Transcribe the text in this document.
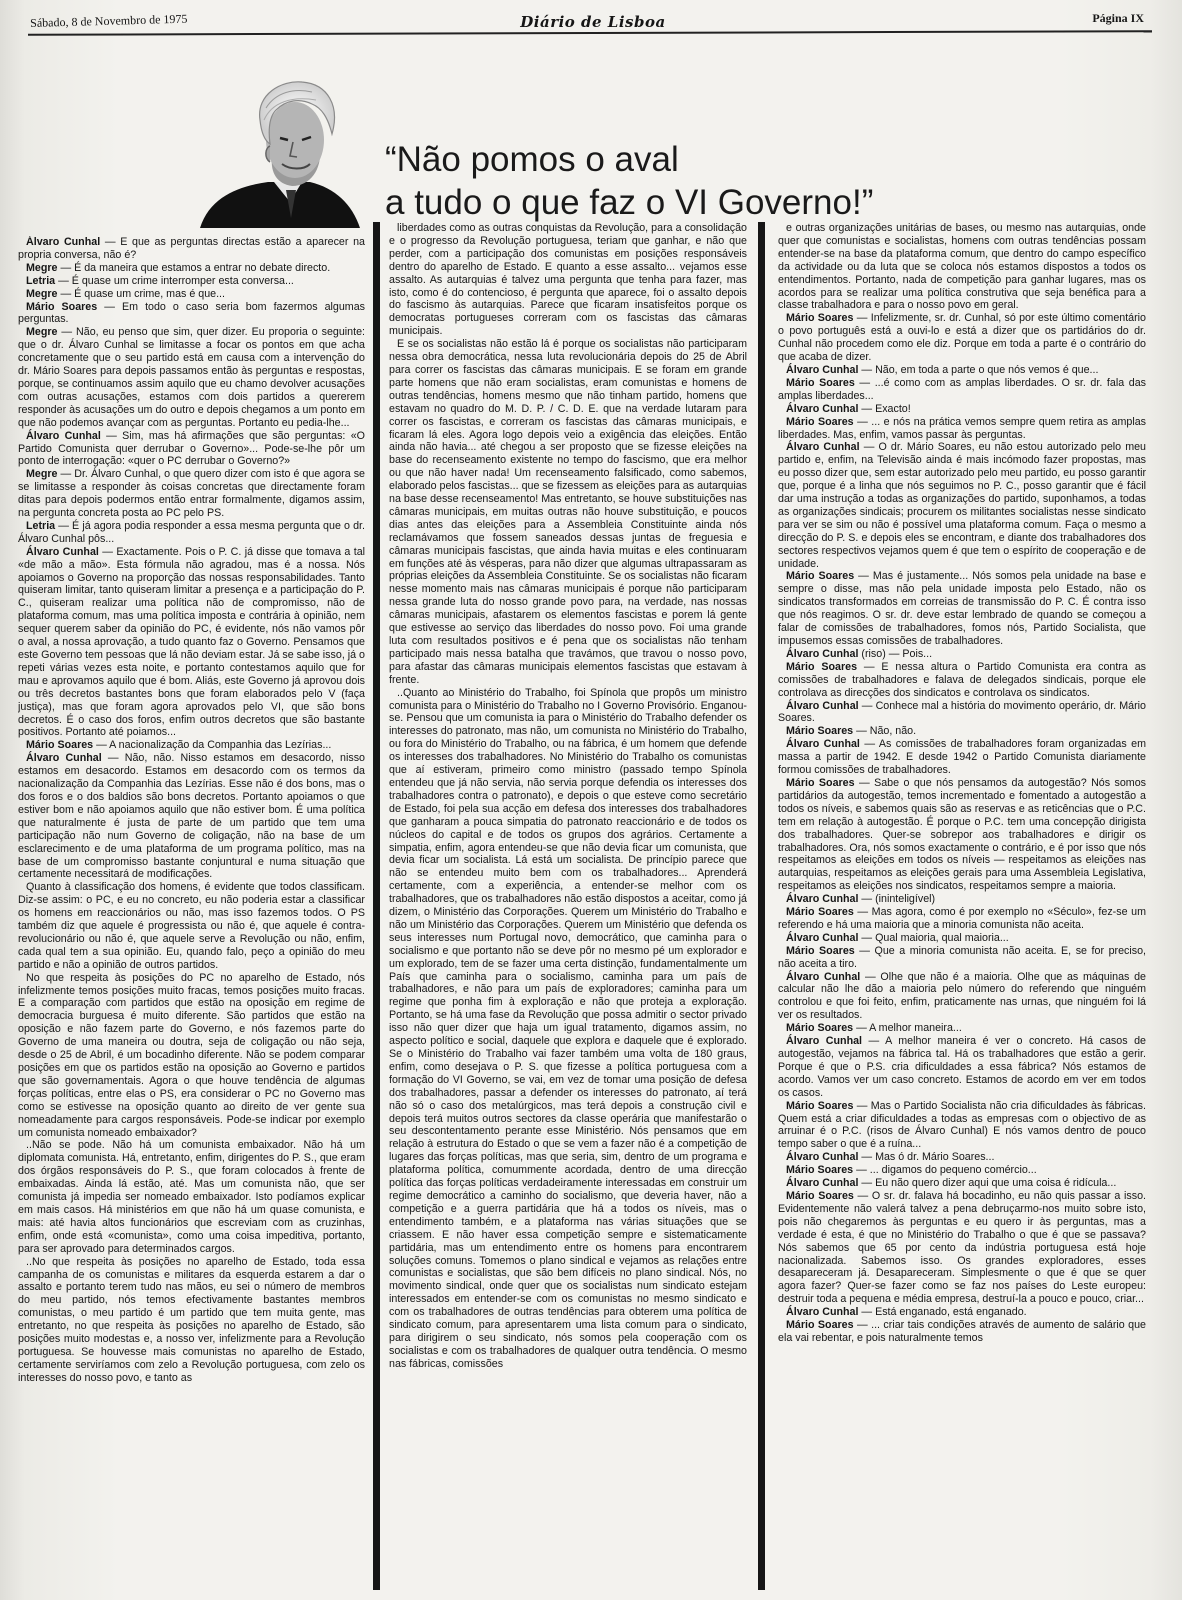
Sábado, 8 de Novembro de 1975	Diário de Lisboa	Página IX
“Não pomos o aval
a tudo o que faz o VI Governo!”

Álvaro Cunhal — E que as perguntas directas estão a aparecer na propria conversa, não é?

Megre — É da maneira que estamos a entrar no debate directo.

Letria — É quase um crime interromper esta conversa...

Megre — É quase um crime, mas é que...

Mário Soares — Em todo o caso seria bom fazermos algumas perguntas.

Megre — Não, eu penso que sim, quer dizer. Eu proporia o seguinte: que o dr. Álvaro Cunhal se limitasse a focar os pontos em que acha concretamente que o seu partido está em causa com a intervenção do dr. Mário Soares para depois passamos então às perguntas e respostas, porque, se continuamos assim aquilo que eu chamo devolver acusações com outras acusações, estamos com dois partidos a quererem responder às acusações um do outro e depois chegamos a um ponto em que não podemos avançar com as perguntas. Portanto eu pedia-lhe...

Álvaro Cunhal — Sim, mas há afirmações que são perguntas: «O Partido Comunista quer derrubar o Governo»... Pode-se-lhe pôr um ponto de interrogação: «quer o PC derrubar o Governo?»

Megre — Dr. Álvaro Cunhal, o que quero dizer com isto é que agora se se limitasse a responder às coisas concretas que directamente foram ditas para depois podermos então entrar formalmente, digamos assim, na pergunta concreta posta ao PC pelo PS.

Letria — É já agora podia responder a essa mesma pergunta que o dr. Álvaro Cunhal pôs...

Álvaro Cunhal — Exactamente. Pois o P. C. já disse que tomava a tal «de mão a mão». Esta fórmula não agradou, mas é a nossa. Nós apoiamos o Governo na proporção das nossas responsabilidades. Tanto quiseram limitar, tanto quiseram limitar a presença e a participação do P. C., quiseram realizar uma política não de compromisso, não de plataforma comum, mas uma política imposta e contrária à opinião, nem sequer querem saber da opinião do PC, é evidente, nós não vamos pôr o aval, a nossa aprovação, a tudo quanto faz o Governo. Pensamos que este Governo tem pessoas que lá não deviam estar. Já se sabe isso, já o repeti várias vezes esta noite, e portanto contestamos aquilo que for mau e aprovamos aquilo que é bom. Aliás, este Governo já aprovou dois ou três decretos bastantes bons que foram elaborados pelo V (faça justiça), mas que foram agora aprovados pelo VI, que são bons decretos. É o caso dos foros, enfim outros decretos que são bastante positivos. Portanto até poiamos...

Mário Soares — A nacionalização da Companhia das Lezírias...

Álvaro Cunhal — Não, não. Nisso estamos em desacordo, nisso estamos em desacordo. Estamos em desacordo com os termos da nacionalização da Companhia das Lezírias. Esse não é dos bons, mas o dos foros e o dos baldios são bons decretos. Portanto apoiamos o que estiver bom e não apoiamos aquilo que não estiver bom. É uma política que naturalmente é justa de parte de um partido que tem uma participação não num Governo de coligação, não na base de um esclarecimento e de uma plataforma de um programa político, mas na base de um compromisso bastante conjuntural e numa situação que certamente necessitará de modificações.

Quanto à classificação dos homens, é evidente que todos classificam. Diz-se assim: o PC, e eu no concreto, eu não poderia estar a classificar os homens em reaccionários ou não, mas isso fazemos todos. O PS também diz que aquele é progressista ou não é, que aquele é contra-revolucionário ou não é, que aquele serve a Revolução ou não, enfim, cada qual tem a sua opinião. Eu, quando falo, peço a opinião do meu partido e não a opinião de outros partidos.

No que respeita às posições do PC no aparelho de Estado, nós infelizmente temos posições muito fracas, temos posições muito fracas. E a comparação com partidos que estão na oposição em regime de democracia burguesa é muito diferente. São partidos que estão na oposição e não fazem parte do Governo, e nós fazemos parte do Governo de uma maneira ou doutra, seja de coligação ou não seja, desde o 25 de Abril, é um bocadinho diferente. Não se podem comparar posições em que os partidos estão na oposição ao Governo e partidos que são governamentais. Agora o que houve tendência de algumas forças políticas, entre elas o PS, era considerar o PC no Governo mas como se estivesse na oposição quanto ao direito de ver gente sua nomeadamente para cargos responsáveis. Pode-se indicar por exemplo um comunista nomeado embaixador?

..Não se pode. Não há um comunista embaixador. Não há um diplomata comunista. Há, entretanto, enfim, dirigentes do P. S., que eram dos órgãos responsáveis do P. S., que foram colocados à frente de embaixadas. Ainda lá estão, até. Mas um comunista não, que ser comunista já impedia ser nomeado embaixador. Isto podíamos explicar em mais casos. Há ministérios em que não há um quase comunista, e mais: até havia altos funcionários que escreviam com as cruzinhas, enfim, onde está «comunista», como uma coisa impeditiva, portanto, para ser aprovado para determinados cargos.

..No que respeita às posições no aparelho de Estado, toda essa campanha de os comunistas e militares da esquerda estarem a dar o assalto e portanto terem tudo nas mãos, eu sei o número de membros do meu partido, nós temos efectivamente bastantes membros comunistas, o meu partido é um partido que tem muita gente, mas entretanto, no que respeita às posições no aparelho de Estado, são posições muito modestas e, a nosso ver, infelizmente para a Revolução portuguesa. Se houvesse mais comunistas no aparelho de Estado, certamente serviríamos com zelo a Revolução portuguesa, com zelo os interesses do nosso povo, e tanto as

liberdades como as outras conquistas da Revolução, para a consolidação e o progresso da Revolução portuguesa, teriam que ganhar, e não que perder, com a participação dos comunistas em posições responsáveis dentro do aparelho de Estado. E quanto a esse assalto... vejamos esse assalto. As autarquias é talvez uma pergunta que tenha para fazer, mas isto, como é do contencioso, é pergunta que aparece, foi o assalto depois do fascismo às autarquias. Parece que ficaram insatisfeitos porque os democratas portugueses correram com os fascistas das câmaras municipais.

E se os socialistas não estão lá é porque os socialistas não participaram nessa obra democrática, nessa luta revolucionária depois do 25 de Abril para correr os fascistas das câmaras municipais. E se foram em grande parte homens que não eram socialistas, eram comunistas e homens de outras tendências, homens mesmo que não tinham partido, homens que estavam no quadro do M. D. P. / C. D. E. que na verdade lutaram para correr os fascistas, e correram os fascistas das câmaras municipais, e ficaram lá eles. Agora logo depois veio a exigência das eleições. Então ainda não havia... até chegou a ser proposto que se fizesse eleições na base do recenseamento existente no tempo do fascismo, que era melhor ou que não haver nada! Um recenseamento falsificado, como sabemos, elaborado pelos fascistas... que se fizessem as eleições para as autarquias na base desse recenseamento! Mas entretanto, se houve substituições nas câmaras municipais, em muitas outras não houve substituição, e poucos dias antes das eleições para a Assembleia Constituinte ainda nós reclamávamos que fossem saneados dessas juntas de freguesia e câmaras municipais fascistas, que ainda havia muitas e eles continuaram em funções até às vésperas, para não dizer que algumas ultrapassaram as próprias eleições da Assembleia Constituinte. Se os socialistas não ficaram nesse momento mais nas câmaras municipais é porque não participaram nessa grande luta do nosso grande povo para, na verdade, nas nossas câmaras municipais, afastarem os elementos fascistas e porem lá gente que estivesse ao serviço das liberdades do nosso povo. Foi uma grande luta com resultados positivos e é pena que os socialistas não tenham participado mais nessa batalha que travámos, que travou o nosso povo, para afastar das câmaras municipais elementos fascistas que estavam à frente.

..Quanto ao Ministério do Trabalho, foi Spínola que propôs um ministro comunista para o Ministério do Trabalho no I Governo Provisório. Enganou-se. Pensou que um comunista ia para o Ministério do Trabalho defender os interesses do patronato, mas não, um comunista no Ministério do Trabalho, ou fora do Ministério do Trabalho, ou na fábrica, é um homem que defende os interesses dos trabalhadores. No Ministério do Trabalho os comunistas que aí estiveram, primeiro como ministro (passado tempo Spínola entendeu que já não servia, não servia porque defendia os interesses dos trabalhadores contra o patronato), e depois o que esteve como secretário de Estado, foi pela sua acção em defesa dos interesses dos trabalhadores que ganharam a pouca simpatia do patronato reaccionário e de todos os núcleos do capital e de todos os grupos dos agrários. Certamente a simpatia, enfim, agora entendeu-se que não devia ficar um comunista, que devia ficar um socialista. Lá está um socialista. De princípio parece que não se entendeu muito bem com os trabalhadores... Aprenderá certamente, com a experiência, a entender-se melhor com os trabalhadores, que os trabalhadores não estão dispostos a aceitar, como já dizem, o Ministério das Corporações. Querem um Ministério do Trabalho e não um Ministério das Corporações. Querem um Ministério que defenda os seus interesses num Portugal novo, democrático, que caminha para o socialismo e que portanto não se deve pôr no mesmo pé um explorador e um explorado, tem de se fazer uma certa distinção, fundamentalmente um País que caminha para o socialismo, caminha para um país de trabalhadores, e não para um país de exploradores; caminha para um regime que ponha fim à exploração e não que proteja a exploração. Portanto, se há uma fase da Revolução que possa admitir o sector privado isso não quer dizer que haja um igual tratamento, digamos assim, no aspecto político e social, daquele que explora e daquele que é explorado. Se o Ministério do Trabalho vai fazer também uma volta de 180 graus, enfim, como desejava o P. S. que fizesse a política portuguesa com a formação do VI Governo, se vai, em vez de tomar uma posição de defesa dos trabalhadores, passar a defender os interesses do patronato, aí terá não só o caso dos metalúrgicos, mas terá depois a construção civil e depois terá muitos outros sectores da classe operária que manifestarão o seu descontentamento perante esse Ministério. Nós pensamos que em relação à estrutura do Estado o que se vem a fazer não é a competição de lugares das forças políticas, mas que seria, sim, dentro de um programa e plataforma política, comummente acordada, dentro de uma direcção política das forças políticas verdadeiramente interessadas em construir um regime democrático a caminho do socialismo, que deveria haver, não a competição e a guerra partidária que há a todos os níveis, mas o entendimento também, e a plataforma nas várias situações que se criassem. E não haver essa competição sempre e sistematicamente partidária, mas um entendimento entre os homens para encontrarem soluções comuns. Tomemos o plano sindical e vejamos as relações entre comunistas e socialistas, que são bem difíceis no plano sindical. Nós, no movimento sindical, onde quer que os socialistas num sindicato estejam interessados em entender-se com os comunistas no mesmo sindicato e com os trabalhadores de outras tendências para obterem uma política de sindicato comum, para apresentarem uma lista comum para o sindicato, para dirigirem o seu sindicato, nós somos pela cooperação com os socialistas e com os trabalhadores de qualquer outra tendência. O mesmo nas fábricas, comissões

e outras organizações unitárias de bases, ou mesmo nas autarquias, onde quer que comunistas e socialistas, homens com outras tendências possam entender-se na base da plataforma comum, que dentro do campo específico da actividade ou da luta que se coloca nós estamos dispostos a todos os entendimentos. Portanto, nada de competição para ganhar lugares, mas os acordos para se realizar uma política construtiva que seja benéfica para a classe trabalhadora e para o nosso povo em geral.

Mário Soares — Infelizmente, sr. dr. Cunhal, só por este último comentário o povo português está a ouvi-lo e está a dizer que os partidários do dr. Cunhal não procedem como ele diz. Porque em toda a parte é o contrário do que acaba de dizer.

Álvaro Cunhal — Não, em toda a parte o que nós vemos é que...

Mário Soares — ...é como com as amplas liberdades. O sr. dr. fala das amplas liberdades...

Álvaro Cunhal — Exacto!

Mário Soares — ... e nós na prática vemos sempre quem retira as amplas liberdades. Mas, enfim, vamos passar às perguntas.

Álvaro Cunhal — O dr. Mário Soares, eu não estou autorizado pelo meu partido e, enfim, na Televisão ainda é mais incómodo fazer propostas, mas eu posso dizer que, sem estar autorizado pelo meu partido, eu posso garantir que, porque é a linha que nós seguimos no P. C., posso garantir que é fácil dar uma instrução a todas as organizações do partido, suponhamos, a todas as organizações sindicais; procurem os militantes socialistas nesse sindicato para ver se sim ou não é possível uma plataforma comum. Faça o mesmo a direcção do P. S. e depois eles se encontram, e diante dos trabalhadores dos sectores respectivos vejamos quem é que tem o espírito de cooperação e de unidade.

Mário Soares — Mas é justamente... Nós somos pela unidade na base e sempre o disse, mas não pela unidade imposta pelo Estado, não os sindicatos transformados em correias de transmissão do P. C. É contra isso que nós reagimos. O sr. dr. deve estar lembrado de quando se começou a falar de comissões de trabalhadores, fomos nós, Partido Socialista, que impusemos essas comissões de trabalhadores.

Álvaro Cunhal (riso) — Pois...

Mário Soares — E nessa altura o Partido Comunista era contra as comissões de trabalhadores e falava de delegados sindicais, porque ele controlava as direcções dos sindicatos e controlava os sindicatos.

Álvaro Cunhal — Conhece mal a história do movimento operário, dr. Mário Soares.

Mário Soares — Não, não.

Álvaro Cunhal — As comissões de trabalhadores foram organizadas em massa a partir de 1942. E desde 1942 o Partido Comunista diariamente formou comissões de trabalhadores.

Mário Soares — Sabe o que nós pensamos da autogestão? Nós somos partidários da autogestão, temos incrementado e fomentado a autogestão a todos os níveis, e sabemos quais são as reservas e as reticências que o P.C. tem em relação à autogestão. É porque o P.C. tem uma concepção dirigista dos trabalhadores. Quer-se sobrepor aos trabalhadores e dirigir os trabalhadores. Ora, nós somos exactamente o contrário, e é por isso que nós respeitamos as eleições em todos os níveis — respeitamos as eleições nas autarquias, respeitamos as eleições gerais para uma Assembleia Legislativa, respeitamos as eleições nos sindicatos, respeitamos sempre a maioria.

Álvaro Cunhal — (ininteligível)

Mário Soares — Mas agora, como é por exemplo no «Século», fez-se um referendo e há uma maioria que a minoria comunista não aceita.

Álvaro Cunhal — Qual maioria, qual maioria...

Mário Soares — Que a minoria comunista não aceita. E, se for preciso, não aceita a tiro.

Álvaro Cunhal — Olhe que não é a maioria. Olhe que as máquinas de calcular não lhe dão a maioria pelo número do referendo que ninguém controlou e que foi feito, enfim, praticamente nas urnas, que ninguém foi lá ver os resultados.

Mário Soares — A melhor maneira...

Álvaro Cunhal — A melhor maneira é ver o concreto. Há casos de autogestão, vejamos na fábrica tal. Há os trabalhadores que estão a gerir. Porque é que o P.S. cria dificuldades a essa fábrica? Nós estamos de acordo. Vamos ver um caso concreto. Estamos de acordo em ver em todos os casos.

Mário Soares — Mas o Partido Socialista não cria dificuldades às fábricas. Quem está a criar dificuldades a todas as empresas com o objectivo de as arruinar é o P.C. (risos de Álvaro Cunhal) E nós vamos dentro de pouco tempo saber o que é a ruína...

Álvaro Cunhal — Mas ó dr. Mário Soares...

Mário Soares — ... digamos do pequeno comércio...

Álvaro Cunhal — Eu não quero dizer aqui que uma coisa é ridícula...

Mário Soares — O sr. dr. falava há bocadinho, eu não quis passar a isso. Evidentemente não valerá talvez a pena debruçarmo-nos muito sobre isto, pois não chegaremos às perguntas e eu quero ir às perguntas, mas a verdade é esta, é que no Ministério do Trabalho o que é que se passava? Nós sabemos que 65 por cento da indústria portuguesa está hoje nacionalizada. Sabemos isso. Os grandes exploradores, esses desapareceram já. Desapareceram. Simplesmente o que é que se quer agora fazer? Quer-se fazer como se faz nos países do Leste europeu: destruir toda a pequena e média empresa, destruí-la a pouco e pouco, criar...

Álvaro Cunhal — Está enganado, está enganado.

Mário Soares — ... criar tais condições através de aumento de salário que ela vai rebentar, e pois naturalmente temos
